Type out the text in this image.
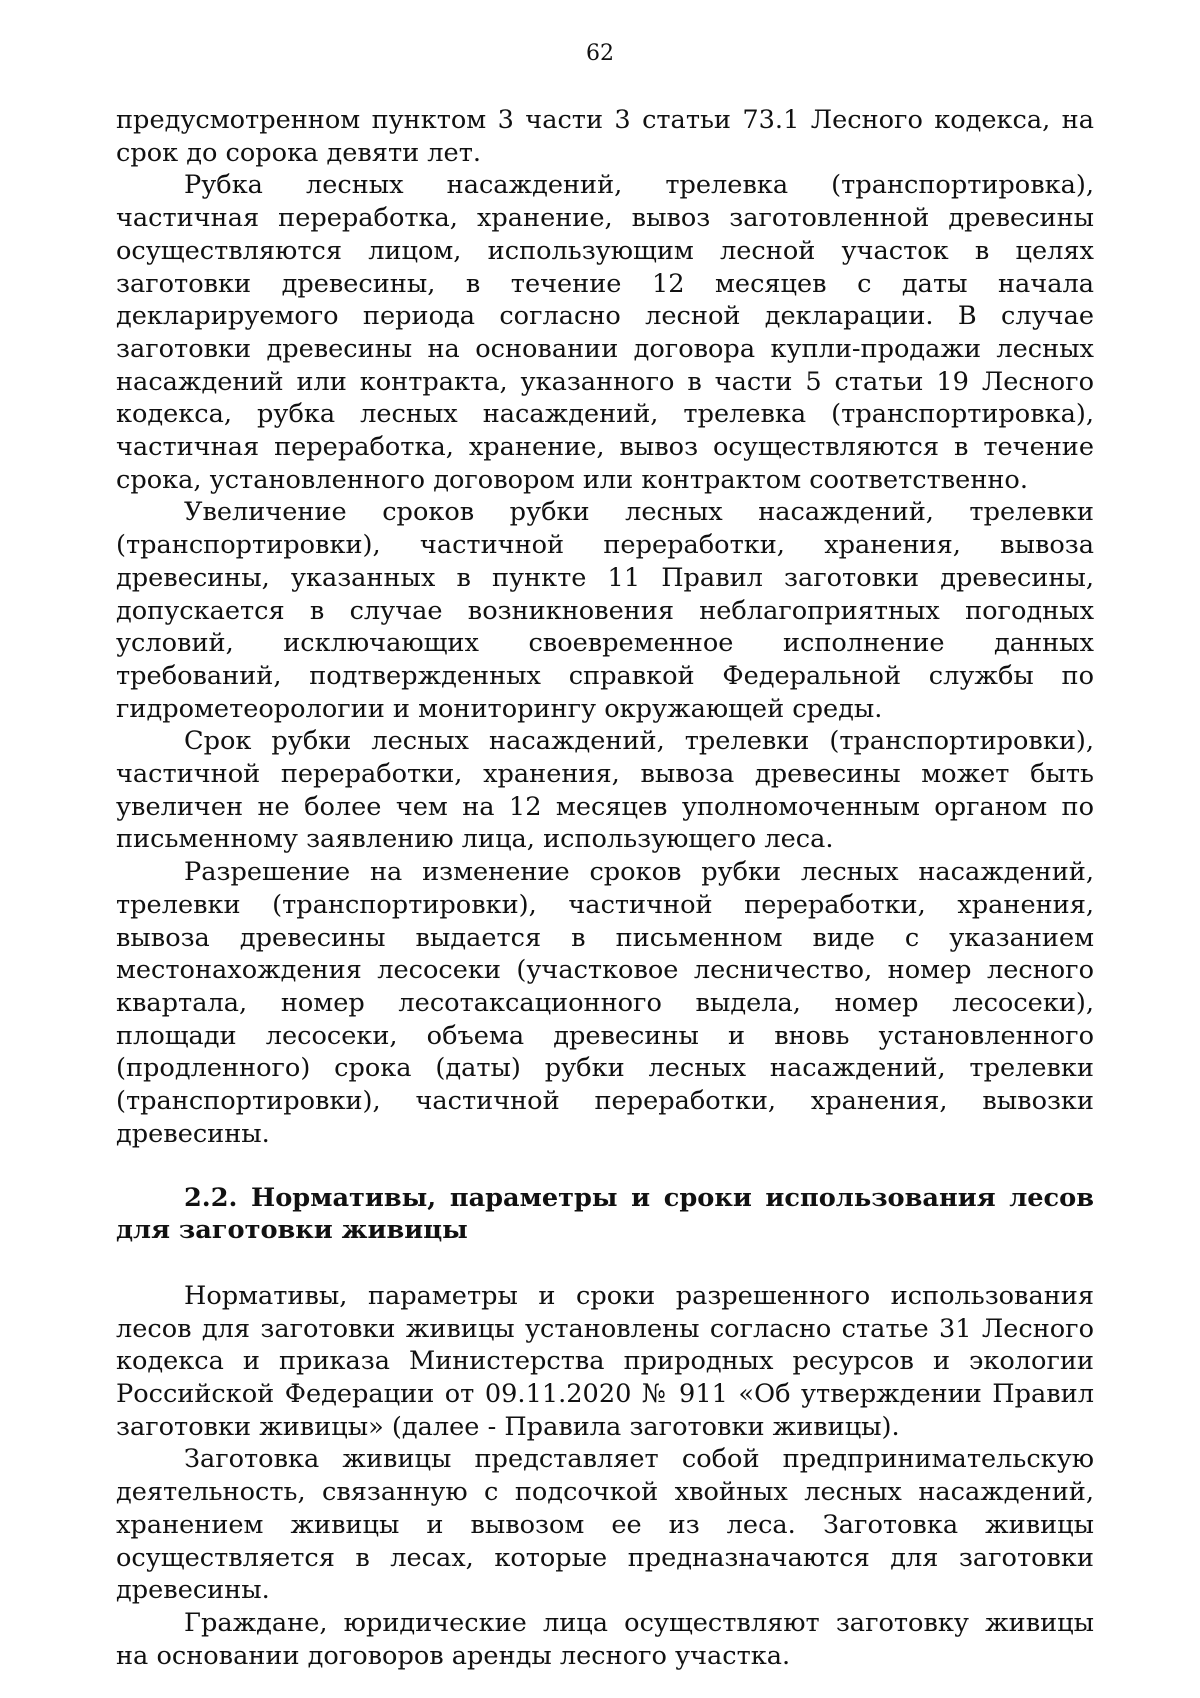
62

предусмотренном пунктом 3 части 3 статьи 73.1 Лесного кодекса, на срок до сорока девяти лет.

Рубка лесных насаждений, трелевка (транспортировка), частичная переработка, хранение, вывоз заготовленной древесины осуществляются лицом, использующим лесной участок в целях заготовки древесины, в течение 12 месяцев с даты начала декларируемого периода согласно лесной декларации. В случае заготовки древесины на основании договора купли-продажи лесных насаждений или контракта, указанного в части 5 статьи 19 Лесного кодекса, рубка лесных насаждений, трелевка (транспортировка), частичная переработка, хранение, вывоз осуществляются в течение срока, установленного договором или контрактом соответственно.

Увеличение сроков рубки лесных насаждений, трелевки (транспортировки), частичной переработки, хранения, вывоза древесины, указанных в пункте 11 Правил заготовки древесины, допускается в случае возникновения неблагоприятных погодных условий, исключающих своевременное исполнение данных требований, подтвержденных справкой Федеральной службы по гидрометеорологии и мониторингу окружающей среды.

Срок рубки лесных насаждений, трелевки (транспортировки), частичной переработки, хранения, вывоза древесины может быть увеличен не более чем на 12 месяцев уполномоченным органом по письменному заявлению лица, использующего леса.

Разрешение на изменение сроков рубки лесных насаждений, трелевки (транспортировки), частичной переработки, хранения, вывоза древесины выдается в письменном виде с указанием местонахождения лесосеки (участковое лесничество, номер лесного квартала, номер лесотаксационного выдела, номер лесосеки), площади лесосеки, объема древесины и вновь установленного (продленного) срока (даты) рубки лесных насаждений, трелевки (транспортировки), частичной переработки, хранения, вывозки древесины.

2.2. Нормативы, параметры и сроки использования лесов для заготовки живицы

Нормативы, параметры и сроки разрешенного использования лесов для заготовки живицы установлены согласно статье 31 Лесного кодекса и приказа Министерства природных ресурсов и экологии Российской Федерации от 09.11.2020 № 911 «Об утверждении Правил заготовки живицы» (далее - Правила заготовки живицы).

Заготовка живицы представляет собой предпринимательскую деятельность, связанную с подсочкой хвойных лесных насаждений, хранением живицы и вывозом ее из леса. Заготовка живицы осуществляется в лесах, которые предназначаются для заготовки древесины.

Граждане, юридические лица осуществляют заготовку живицы на основании договоров аренды лесного участка.
